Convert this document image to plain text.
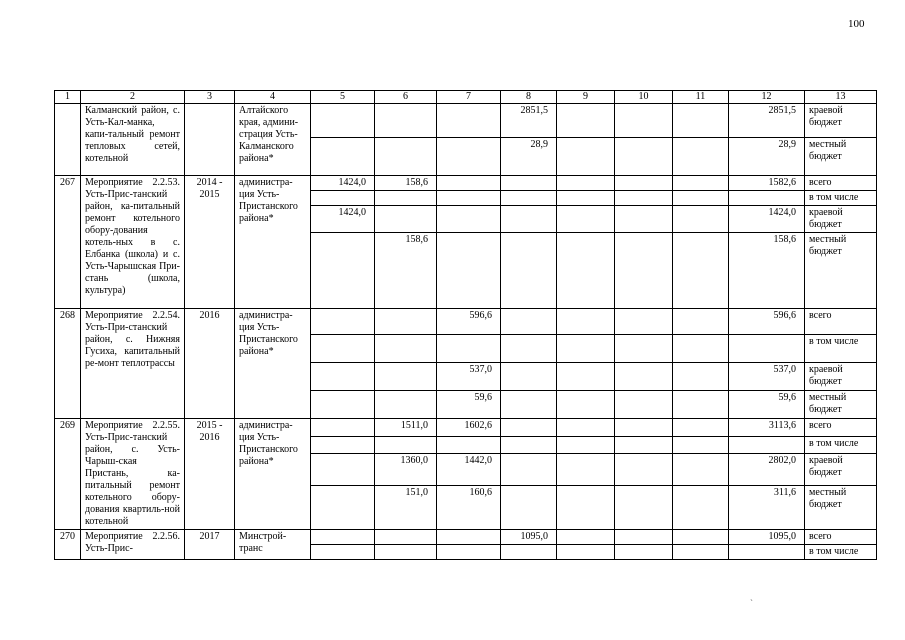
100
1	2	3	4	5	6	7	8	9	10	11	12	13
	Калманский район, с. Усть-Кал-манка, капи-тальный ремонт тепловых сетей, котельной		Алтайского края, админи-страция Усть-Калманского района*				2851,5				2851,5	краевой бюджет
							28,9				28,9	местный бюджет
267	Мероприятие 2.2.53. Усть-Прис-танский район, ка-питальный ремонт котельного обору-дования котель-ных в с. Елбанка (школа) и с. Усть-Чарышская При-стань (школа, культура)	2014 - 2015	администра-ция Усть-Пристанского района*	1424,0	158,6						1582,6	всего
												в том числе
				1424,0							1424,0	краевой бюджет
					158,6						158,6	местный бюджет
268	Мероприятие 2.2.54. Усть-При-станский район, с. Нижняя Гусиха, капитальный ре-монт теплотрассы	2016	администра-ция Усть-Пристанского района*			596,6					596,6	всего
												в том числе
						537,0					537,0	краевой бюджет
						59,6					59,6	местный бюджет
269	Мероприятие 2.2.55. Усть-Прис-танский район, с. Усть-Чарыш-ская Пристань, ка-питальный ремонт котельного обору-дования квартиль-ной котельной	2015 - 2016	администра-ция Усть-Пристанского района*		1511,0	1602,6					3113,6	всего
												в том числе
					1360,0	1442,0					2802,0	краевой бюджет
					151,0	160,6					311,6	местный бюджет
270	Мероприятие 2.2.56. Усть-Прис-	2017	Минстрой-транс				1095,0				1095,0	всего
												в том числе
`
